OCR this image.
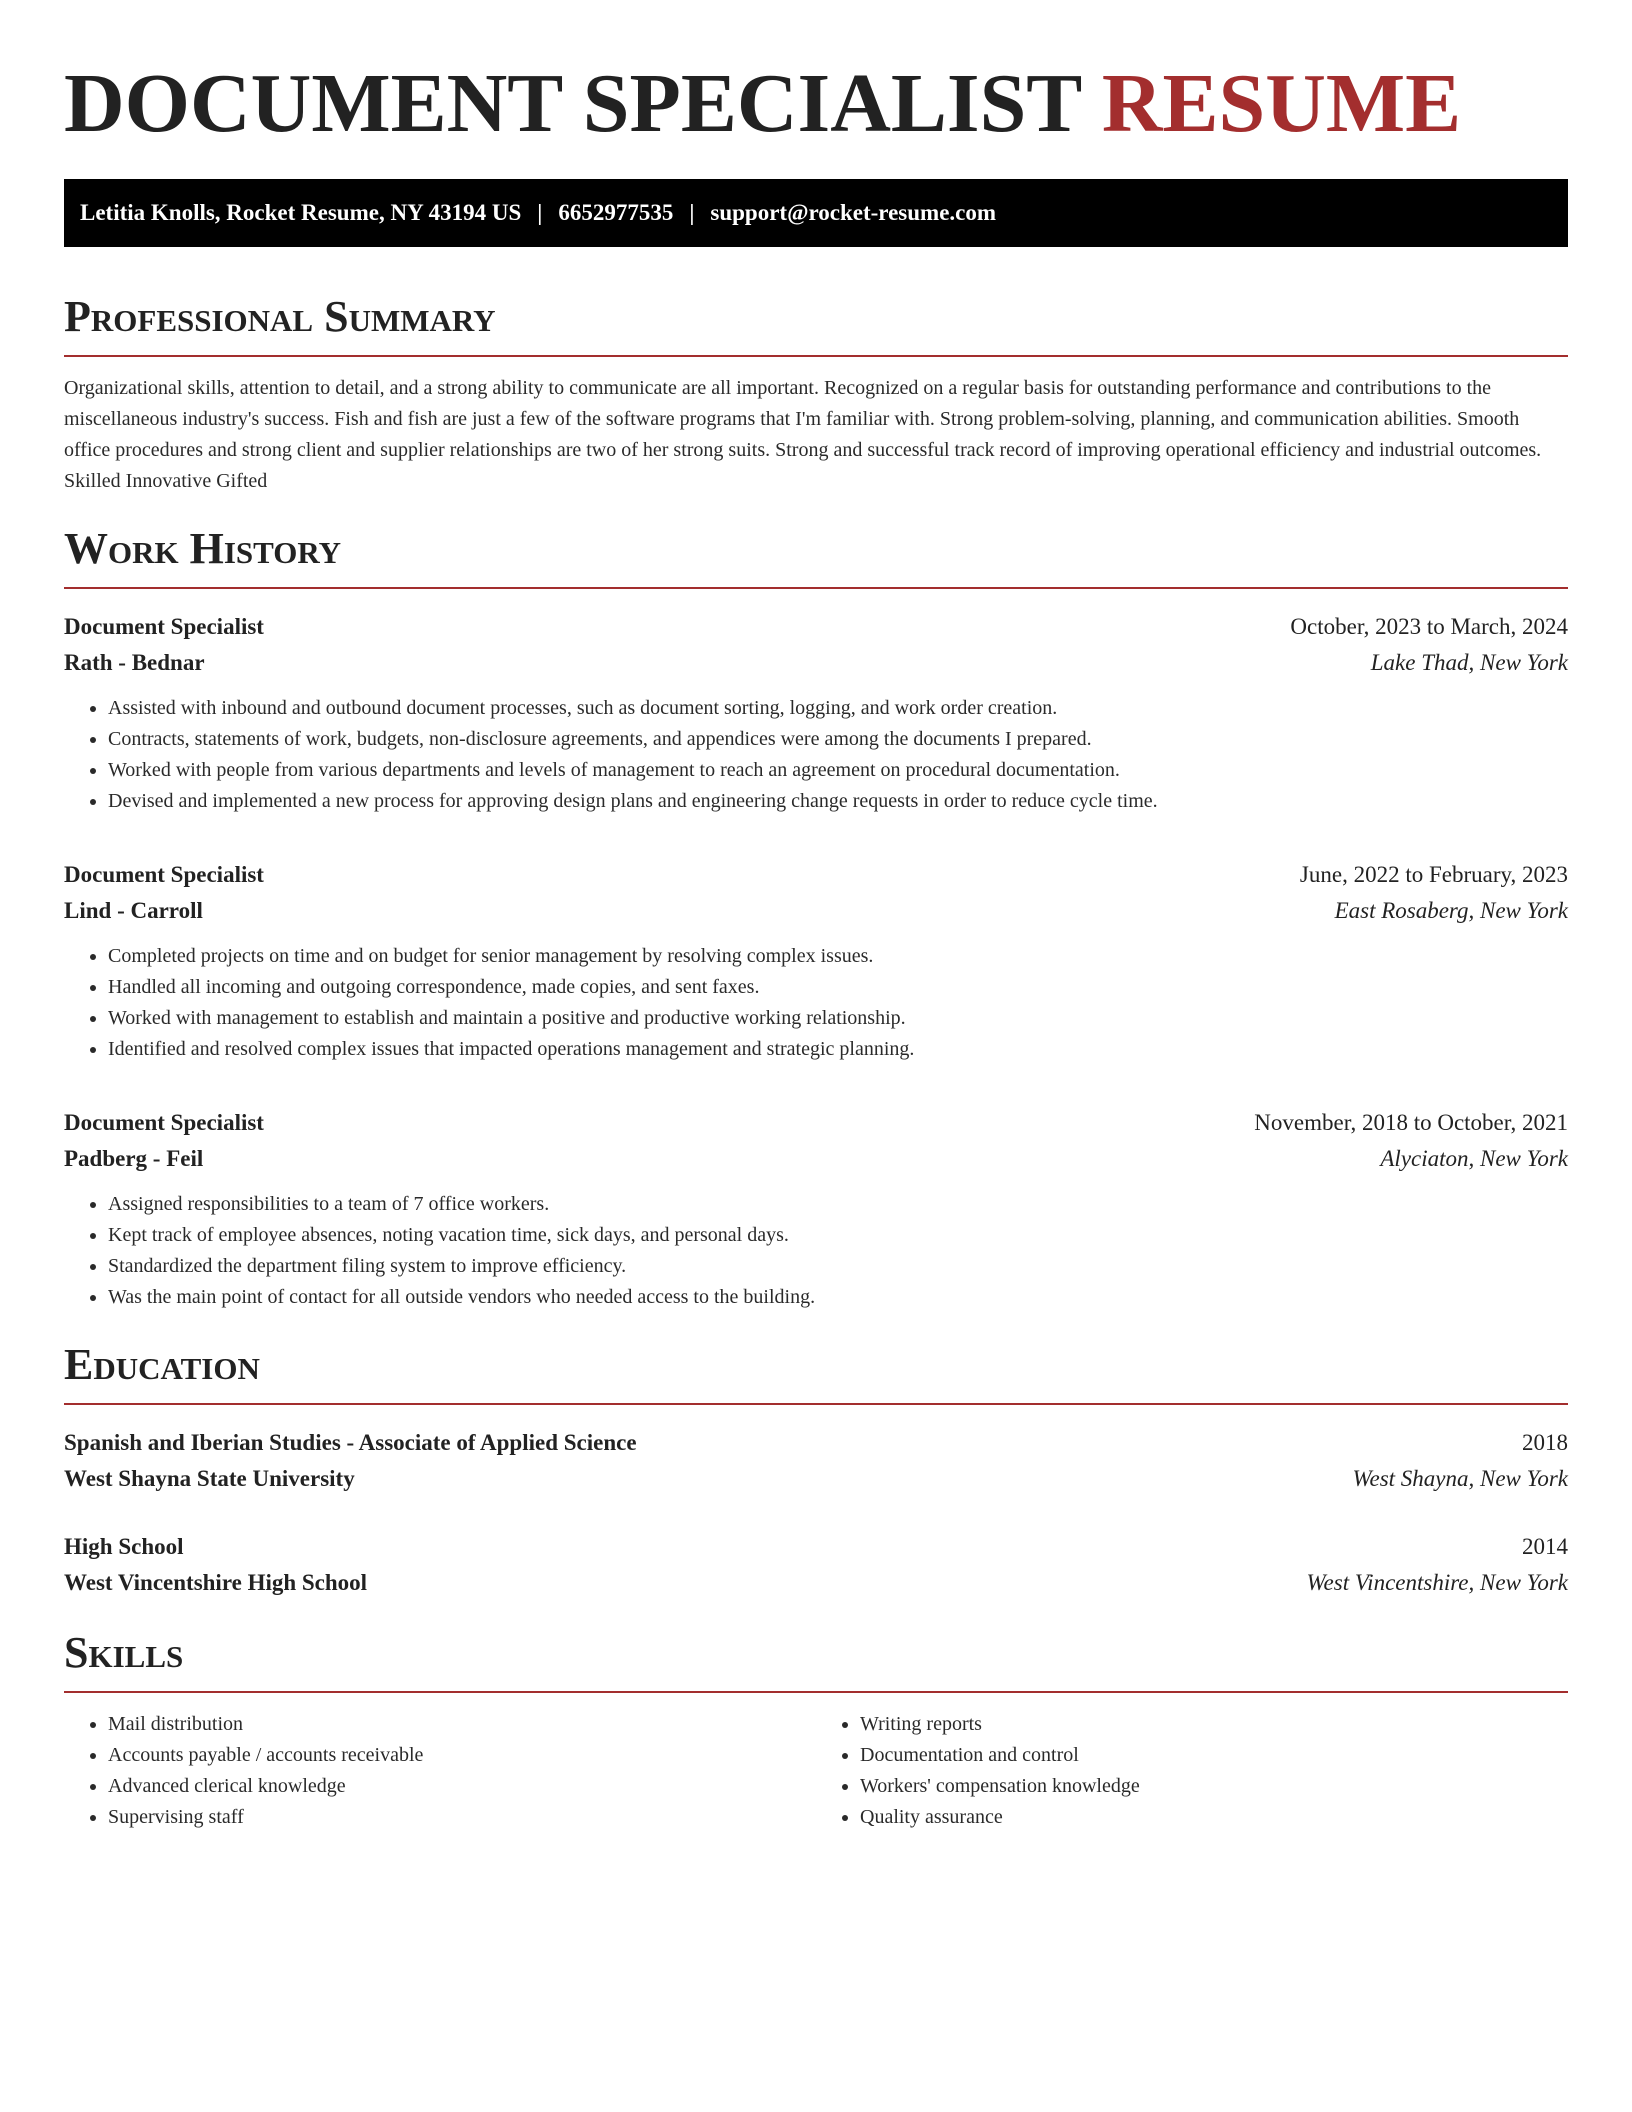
DOCUMENT SPECIALIST RESUME
Letitia Knolls, Rocket Resume, NY 43194 US | 6652977535 | support@rocket-resume.com
Professional Summary

Organizational skills, attention to detail, and a strong ability to communicate are all important. Recognized on a regular basis for outstanding performance and contributions to the miscellaneous industry's success. Fish and fish are just a few of the software programs that I'm familiar with. Strong problem-solving, planning, and communication abilities. Smooth office procedures and strong client and supplier relationships are two of her strong suits. Strong and successful track record of improving operational efficiency and industrial outcomes. Skilled Innovative Gifted

Work History
Document Specialist	October, 2023 to March, 2024
Rath - Bednar	Lake Thad, New York
• Assisted with inbound and outbound document processes, such as document sorting, logging, and work order creation.
• Contracts, statements of work, budgets, non-disclosure agreements, and appendices were among the documents I prepared.
• Worked with people from various departments and levels of management to reach an agreement on procedural documentation.
• Devised and implemented a new process for approving design plans and engineering change requests in order to reduce cycle time.
Document Specialist	June, 2022 to February, 2023
Lind - Carroll	East Rosaberg, New York
• Completed projects on time and on budget for senior management by resolving complex issues.
• Handled all incoming and outgoing correspondence, made copies, and sent faxes.
• Worked with management to establish and maintain a positive and productive working relationship.
• Identified and resolved complex issues that impacted operations management and strategic planning.
Document Specialist	November, 2018 to October, 2021
Padberg - Feil	Alyciaton, New York
• Assigned responsibilities to a team of 7 office workers.
• Kept track of employee absences, noting vacation time, sick days, and personal days.
• Standardized the department filing system to improve efficiency.
• Was the main point of contact for all outside vendors who needed access to the building.
Education
Spanish and Iberian Studies - Associate of Applied Science	2018
West Shayna State University	West Shayna, New York
High School	2014
West Vincentshire High School	West Vincentshire, New York
Skills
• Mail distribution
• Accounts payable / accounts receivable
• Advanced clerical knowledge
• Supervising staff
• Writing reports
• Documentation and control
• Workers' compensation knowledge
• Quality assurance
